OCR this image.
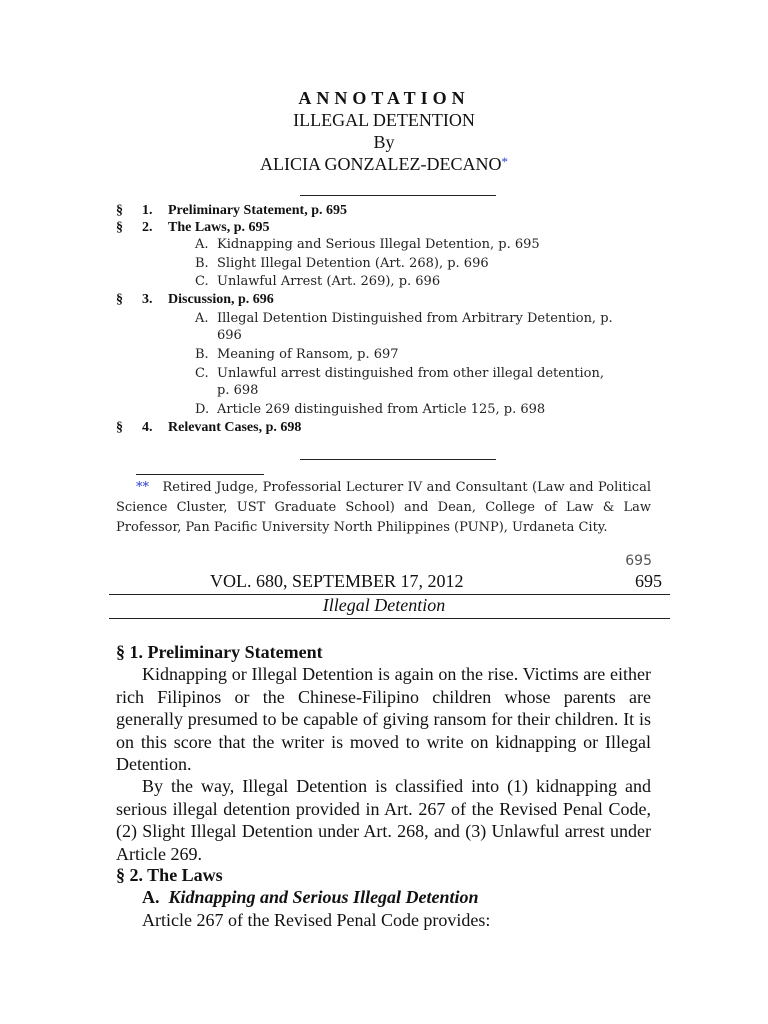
ANNOTATION
ILLEGAL DETENTION
By
ALICIA GONZALEZ-DECANO*
§ 1. Preliminary Statement, p. 695
§ 2. The Laws, p. 695
A. Kidnapping and Serious Illegal Detention, p. 695
B. Slight Illegal Detention (Art. 268), p. 696
C. Unlawful Arrest (Art. 269), p. 696
§ 3. Discussion, p. 696
A. Illegal Detention Distinguished from Arbitrary Detention, p.
696
B. Meaning of Ransom, p. 697
C. Unlawful arrest distinguished from other illegal detention,
p. 698
D. Article 269 distinguished from Article 125, p. 698
§ 4. Relevant Cases, p. 698
** Retired Judge, Professorial Lecturer IV and Consultant (Law and Political Science Cluster, UST Graduate School) and Dean, College of Law & Law Professor, Pan Pacific University North Philippines (PUNP), Urdaneta City.
695
VOL. 680, SEPTEMBER 17, 2012	695
Illegal Detention
§ 1. Preliminary Statement
Kidnapping or Illegal Detention is again on the rise. Victims are either rich Filipinos or the Chinese-Filipino children whose parents are generally presumed to be capable of giving ransom for their children. It is on this score that the writer is moved to write on kidnapping or Illegal Detention.
By the way, Illegal Detention is classified into (1) kidnapping and serious illegal detention provided in Art. 267 of the Revised Penal Code, (2) Slight Illegal Detention under Art. 268, and (3) Unlawful arrest under Article 269.
§ 2. The Laws
A. Kidnapping and Serious Illegal Detention
Article 267 of the Revised Penal Code provides:
